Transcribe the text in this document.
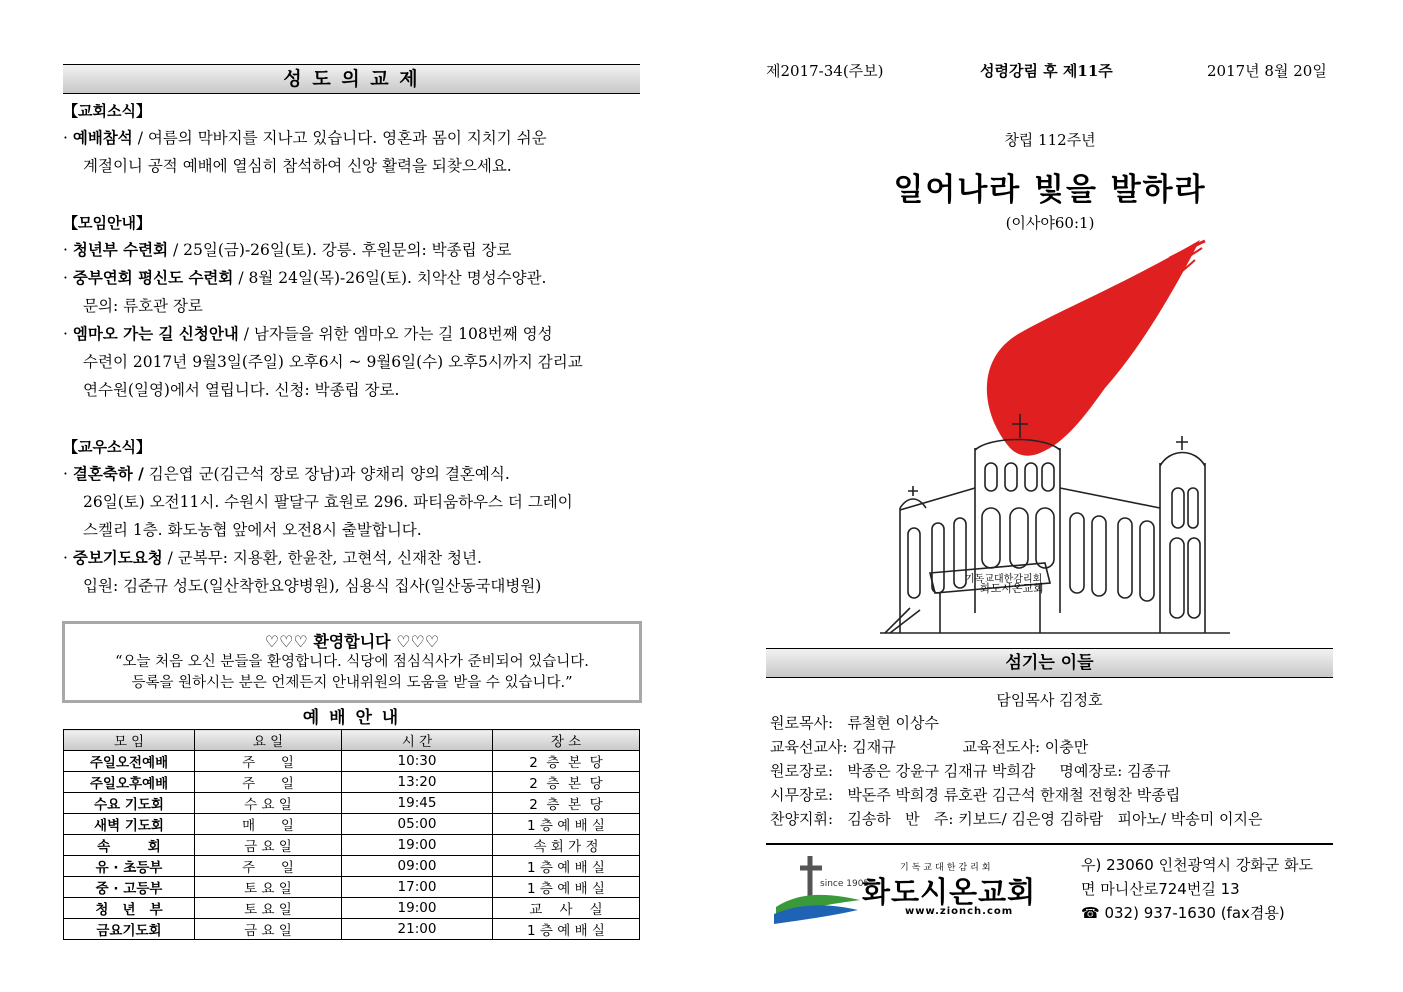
성 도 의 교 제
【교회소식】
· 예배참석 / 여름의 막바지를 지나고 있습니다. 영혼과 몸이 지치기 쉬운
계절이니 공적 예배에 열심히 참석하여 신앙 활력을 되찾으세요.
【모임안내】
· 청년부 수련회 / 25일(금)-26일(토). 강릉. 후원문의: 박종립 장로
· 중부연회 평신도 수련회 / 8월 24일(목)-26일(토). 치악산 명성수양관.
문의: 류호관 장로
· 엠마오 가는 길 신청안내 / 남자들을 위한 엠마오 가는 길 108번째 영성
수련이 2017년 9월3일(주일) 오후6시 ~ 9월6일(수) 오후5시까지 감리교
연수원(일영)에서 열립니다. 신청: 박종립 장로.
【교우소식】
· 결혼축하 / 김은엽 군(김근석 장로 장남)과 양채리 양의 결혼예식.
26일(토) 오전11시. 수원시 팔달구 효원로 296. 파티움하우스 더 그레이
스켈리 1층. 화도농협 앞에서 오전8시 출발합니다.
· 중보기도요청 / 군복무: 지용환, 한윤찬, 고현석, 신재찬 청년.
입원: 김준규 성도(일산착한요양병원), 심용식 집사(일산동국대병원)
♡♡♡ 환영합니다 ♡♡♡
“오늘 처음 오신 분들을 환영합니다. 식당에 점심식사가 준비되어 있습니다.
등록을 원하시는 분은 언제든지 안내위원의 도움을 받을 수 있습니다.”
예 배 안 내
모 임	요 일	시 간	장 소
주일오전예배	주      일	10:30	2  층  본  당
주일오후예배	주      일	13:20	2  층  본  당
수요 기도회	수 요 일	19:45	2  층  본  당
새벽 기도회	매      일	05:00	1 층 예 배 실
속        회	금 요 일	19:00	속 회 가 정
유 · 초등부	주      일	09:00	1 층 예 배 실
중 · 고등부	토 요 일	17:00	1 층 예 배 실
청   년   부	토 요 일	19:00	교    사    실
금요기도회	금 요 일	21:00	1 층 예 배 실
제2017-34(주보)	성령강림 후 제11주	2017년 8월 20일
창립 112주년
일어나라 빛을 발하라
(이사야60:1)
기독교대한감리회
화도시온교회
섬기는 이들
담임목사 김정호
원로목사:   류철현 이상수
교육선교사: 김재규              교육전도사: 이충만
원로장로:   박종은 강윤구 김재규 박희감     명예장로: 김종규
시무장로:   박돈주 박희경 류호관 김근석 한재철 전형찬 박종립
찬양지휘:   김송하   반   주: 키보드/ 김은영 김하람   피아노/ 박송미 이지은
since 1905
기독교대한감리회
화도시온교회
www.zionch.com
우) 23060 인천광역시 강화군 화도
면 마니산로724번길 13
☎ 032) 937-1630 (fax겸용)
